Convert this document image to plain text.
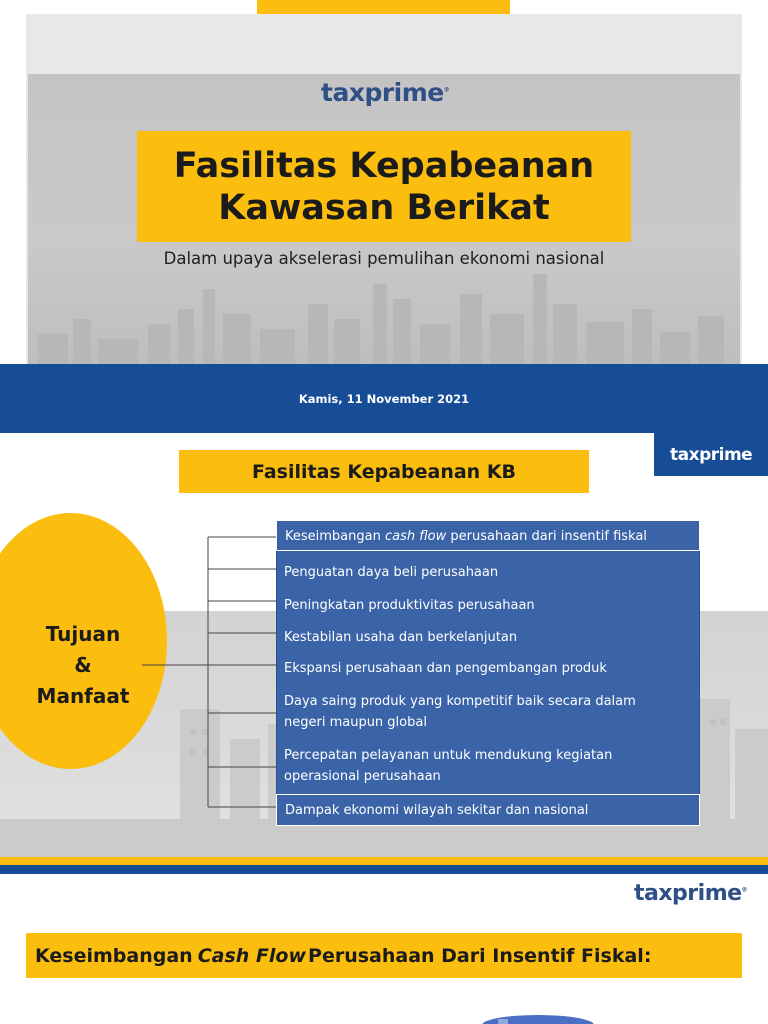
taxprime®
Fasilitas Kepabeanan
Kawasan Berikat
Dalam upaya akselerasi pemulihan ekonomi nasional
Kamis, 11 November 2021
taxprime
Fasilitas Kepabeanan KB
Tujuan
&
Manfaat
Keseimbangan cash flow perusahaan dari insentif fiskal
Penguatan daya beli perusahaan
Peningkatan produktivitas perusahaan
Kestabilan usaha dan berkelanjutan
Ekspansi perusahaan dan pengembangan produk
Daya saing produk yang kompetitif baik secara dalam negeri maupun global
Percepatan pelayanan untuk mendukung kegiatan operasional perusahaan
Dampak ekonomi wilayah sekitar dan nasional
taxprime®
Keseimbangan Cash Flow Perusahaan Dari Insentif Fiskal:
